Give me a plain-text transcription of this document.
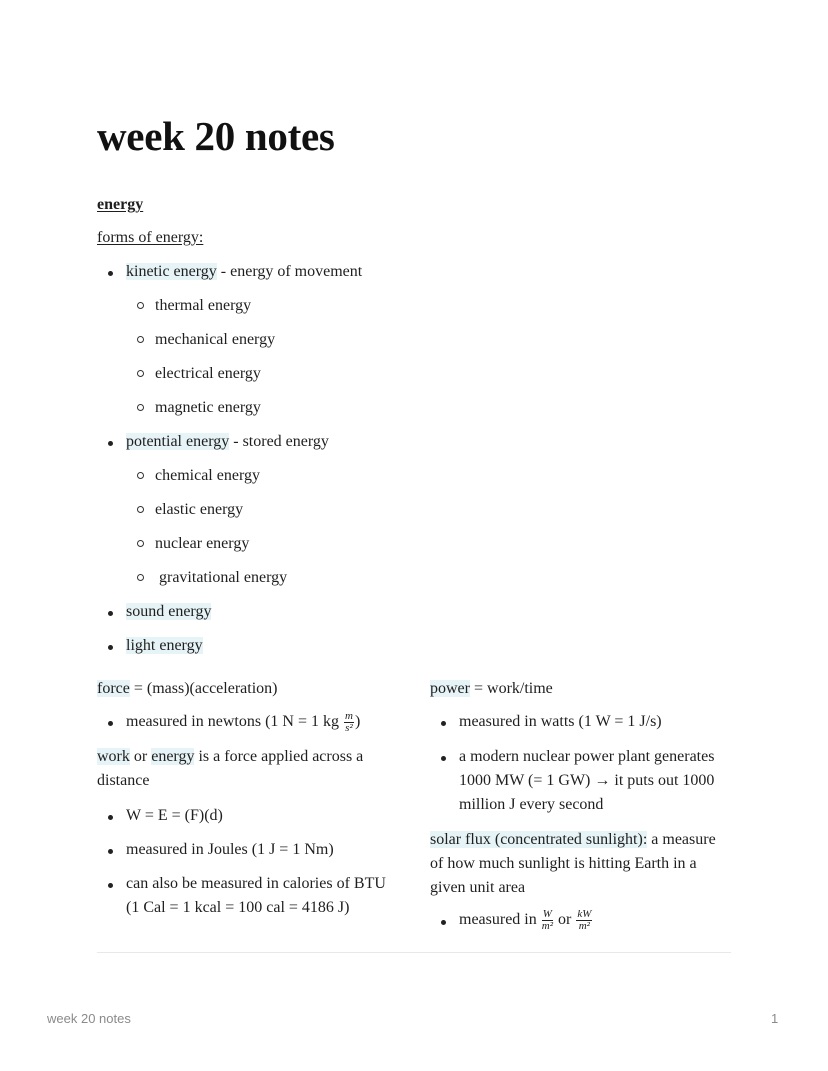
week 20 notes
energy
forms of energy:
kinetic energy - energy of movement
thermal energy
mechanical energy
electrical energy
magnetic energy
potential energy - stored energy
chemical energy
elastic energy
nuclear energy
gravitational energy
sound energy
light energy
force = (mass)(acceleration)
measured in newtons (1 N = 1 kg $\frac{m}{\text{s²}}$ )
work or energy is a force applied across a
distance
W = E = (F)(d)
measured in Joules (1 J = 1 Nm)
can also be measured in calories of BTU
(1 Cal = 1 kcal = 100 cal = 4186 J)
power = work/time
measured in watts (1 W = 1 J/s)
a modern nuclear power plant generates
1000 MW (= 1 GW) → it puts out 1000
million J every second
solar flux (concentrated sunlight): a measure
of how much sunlight is hitting Earth in a
given unit area
measured in $\frac{W}{\text{m²}}$ or $\frac{kW}{\text{m²}}$
week 20 notes	1
